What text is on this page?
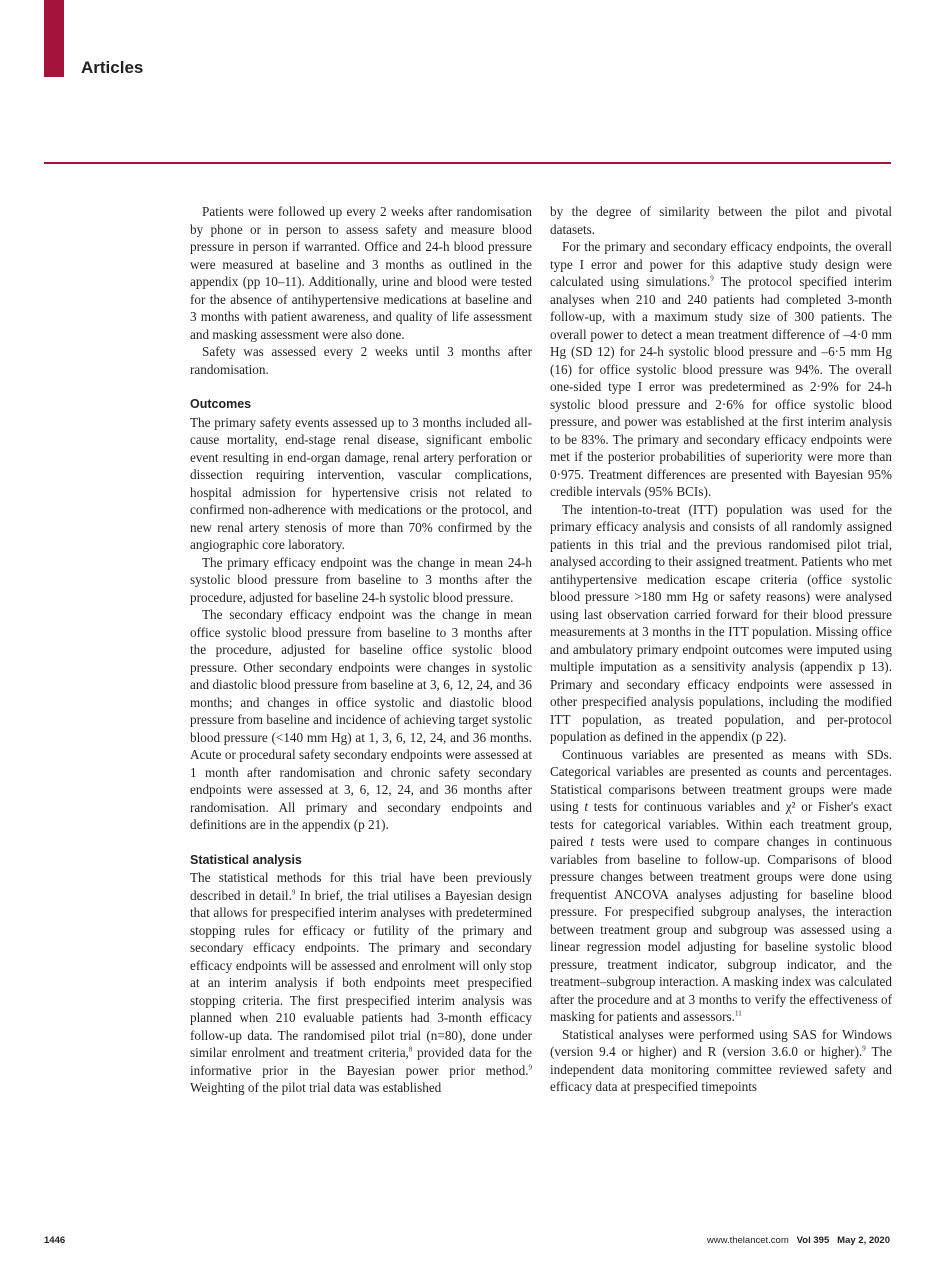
Articles

Patients were followed up every 2 weeks after randomisation by phone or in person to assess safety and measure blood pressure in person if warranted. Office and 24-h blood pressure were measured at baseline and 3 months as outlined in the appendix (pp 10–11). Additionally, urine and blood were tested for the absence of antihypertensive medications at baseline and 3 months with patient awareness, and quality of life assessment and masking assessment were also done.

Safety was assessed every 2 weeks until 3 months after randomisation.

Outcomes

The primary safety events assessed up to 3 months included all-cause mortality, end-stage renal disease, significant embolic event resulting in end-organ damage, renal artery perforation or dissection requiring intervention, vascular complications, hospital admission for hypertensive crisis not related to confirmed non-adherence with medications or the protocol, and new renal artery stenosis of more than 70% confirmed by the angiographic core laboratory.

The primary efficacy endpoint was the change in mean 24-h systolic blood pressure from baseline to 3 months after the procedure, adjusted for baseline 24-h systolic blood pressure.

The secondary efficacy endpoint was the change in mean office systolic blood pressure from baseline to 3 months after the procedure, adjusted for baseline office systolic blood pressure. Other secondary endpoints were changes in systolic and diastolic blood pressure from baseline at 3, 6, 12, 24, and 36 months; and changes in office systolic and diastolic blood pressure from baseline and incidence of achieving target systolic blood pressure (<140 mm Hg) at 1, 3, 6, 12, 24, and 36 months. Acute or procedural safety secondary endpoints were assessed at 1 month after randomisation and chronic safety secondary endpoints were assessed at 3, 6, 12, 24, and 36 months after randomisation. All primary and secondary endpoints and definitions are in the appendix (p 21).

Statistical analysis

The statistical methods for this trial have been previously described in detail.$^9$ In brief, the trial utilises a Bayesian design that allows for prespecified interim analyses with predetermined stopping rules for efficacy or futility of the primary and secondary efficacy endpoints. The primary and secondary efficacy endpoints will be assessed and enrolment will only stop at an interim analysis if both endpoints meet prespecified stopping criteria. The first prespecified interim analysis was planned when 210 evaluable patients had 3-month efficacy follow-up data. The randomised pilot trial (n=80), done under similar enrolment and treatment criteria,$^8$ provided data for the informative prior in the Bayesian power prior method.$^9$ Weighting of the pilot trial data was established

by the degree of similarity between the pilot and pivotal datasets.

For the primary and secondary efficacy endpoints, the overall type I error and power for this adaptive study design were calculated using simulations.$^9$ The protocol specified interim analyses when 210 and 240 patients had completed 3-month follow-up, with a maximum study size of 300 patients. The overall power to detect a mean treatment difference of –4·0 mm Hg (SD 12) for 24-h systolic blood pressure and –6·5 mm Hg (16) for office systolic blood pressure was 94%. The overall one-sided type I error was predetermined as 2·9% for 24-h systolic blood pressure and 2·6% for office systolic blood pressure, and power was established at the first interim analysis to be 83%. The primary and secondary efficacy endpoints were met if the posterior probabilities of superiority were more than 0·975. Treatment differences are presented with Bayesian 95% credible intervals (95% BCIs).

The intention-to-treat (ITT) population was used for the primary efficacy analysis and consists of all randomly assigned patients in this trial and the previous randomised pilot trial, analysed according to their assigned treatment. Patients who met antihypertensive medication escape criteria (office systolic blood pressure >180 mm Hg or safety reasons) were analysed using last observation carried forward for their blood pressure measurements at 3 months in the ITT population. Missing office and ambulatory primary endpoint outcomes were imputed using multiple imputation as a sensitivity analysis (appendix p 13). Primary and secondary efficacy endpoints were assessed in other prespecified analysis populations, including the modified ITT population, as treated population, and per-protocol population as defined in the appendix (p 22).

Continuous variables are presented as means with SDs. Categorical variables are presented as counts and percentages. Statistical comparisons between treatment groups were made using t tests for continuous variables and χ² or Fisher's exact tests for categorical variables. Within each treatment group, paired t tests were used to compare changes in continuous variables from baseline to follow-up. Comparisons of blood pressure changes between treatment groups were done using frequentist ANCOVA analyses adjusting for baseline blood pressure. For prespecified subgroup analyses, the interaction between treatment group and subgroup was assessed using a linear regression model adjusting for baseline systolic blood pressure, treatment indicator, subgroup indicator, and the treatment–subgroup interaction. A masking index was calculated after the procedure and at 3 months to verify the effectiveness of masking for patients and assessors.$^{11}$

Statistical analyses were performed using SAS for Windows (version 9.4 or higher) and R (version 3.6.0 or higher).$^9$ The independent data monitoring committee reviewed safety and efficacy data at prespecified timepoints

1446	www.thelancet.com Vol 395 May 2, 2020
